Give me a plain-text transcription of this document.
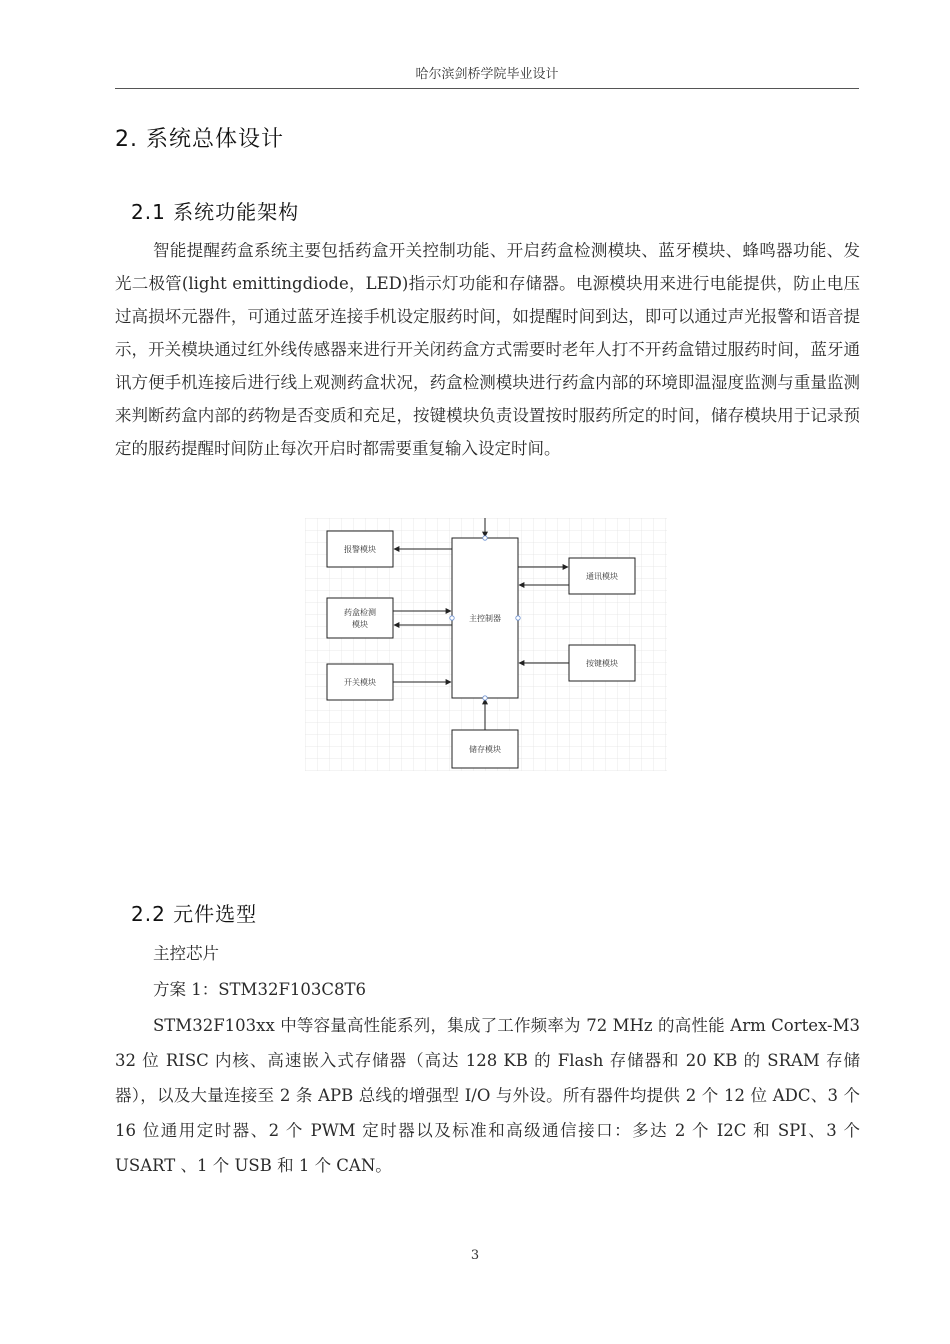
哈尔滨剑桥学院毕业设计
2. 系统总体设计
2.1 系统功能架构
智能提醒药盒系统主要包括药盒开关控制功能、开启药盒检测模块、蓝牙模块、蜂鸣器功能、发光二极管(light emittingdiode，LED)指示灯功能和存储器。电源模块用来进行电能提供，防止电压过高损坏元器件，可通过蓝牙连接手机设定服药时间，如提醒时间到达，即可以通过声光报警和语音提示，开关模块通过红外线传感器来进行开关闭药盒方式需要时老年人打不开药盒错过服药时间，蓝牙通讯方便手机连接后进行线上观测药盒状况，药盒检测模块进行药盒内部的环境即温湿度监测与重量监测来判断药盒内部的药物是否变质和充足，按键模块负责设置按时服药所定的时间，储存模块用于记录预定的服药提醒时间防止每次开启时都需要重复输入设定时间。
主控制器
报警模块
药盒检测
模块
开关模块
通讯模块
按键模块
储存模块
2.2 元件选型
主控芯片
方案 1：STM32F103C8T6
STM32F103xx 中等容量高性能系列，集成了工作频率为 72 MHz 的高性能 Arm Cortex-M3 32 位 RISC 内核、高速嵌入式存储器（高达 128 KB 的 Flash 存储器和 20 KB 的 SRAM 存储器），以及大量连接至 2 条 APB 总线的增强型 I/O 与外设。所有器件均提供 2 个 12 位 ADC、3 个 16 位通用定时器、2 个 PWM 定时器以及标准和高级通信接口：多达 2 个 I2C 和 SPI、3 个 USART 、1 个 USB 和 1 个 CAN。
3
